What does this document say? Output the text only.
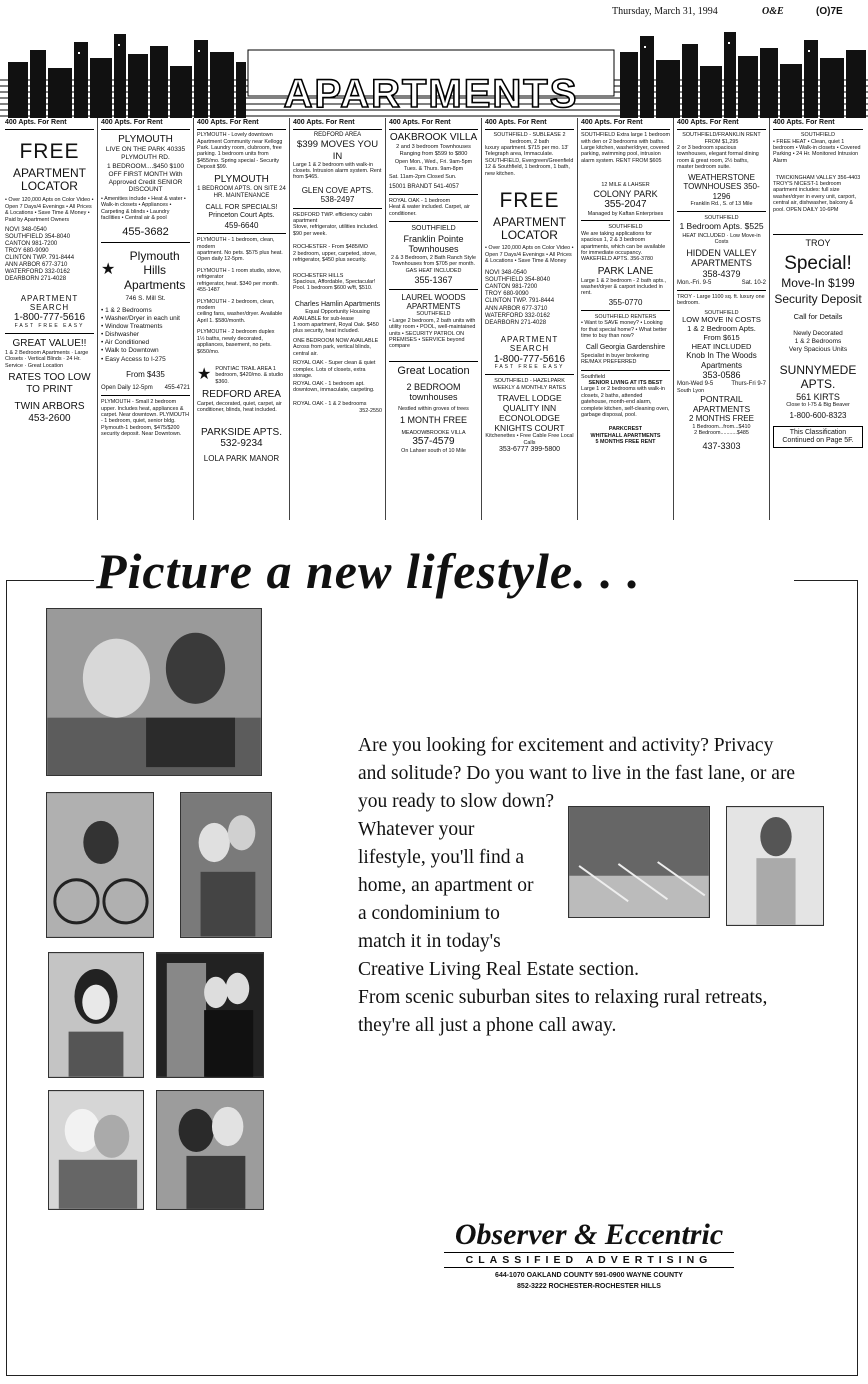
Thursday, March 31, 1994	O&E	(O)7E
APARTMENTS
400 Apts. For Rent
FREE
APARTMENT LOCATOR
• Over 120,000 Apts on Color Video • Open 7 Days/4 Evenings • All Prices & Locations • Save Time & Money • Paid by Apartment Owners
NOVI 348-0540
SOUTHFIELD 354-8040
CANTON 981-7200
TROY 680-9090
CLINTON TWP. 791-8444
ANN ARBOR 677-3710
WATERFORD 332-0162
DEARBORN 271-4028
APARTMENT SEARCH
1-800-777-5616
FAST FREE EASY
GREAT VALUE!!
1 & 2 Bedroom Apartments · Large Closets · Vertical Blinds · 24 Hr. Service · Great Location
RATES TOO LOW TO PRINT
TWIN ARBORS
453-2600
400 Apts. For Rent
PLYMOUTH
LIVE ON THE PARK 40335 PLYMOUTH RD.
1 BEDROOM....$450 $100 OFF FIRST MONTH With Approved Credit SENIOR DISCOUNT
• Amenities include • Heat & water • Walk-in closets • Appliances • Carpeting & blinds • Laundry facilities • Central air & pool
455-3682
★
Plymouth Hills Apartments
746 S. Mill St.
• 1 & 2 Bedrooms
• Washer/Dryer in each unit
• Window Treatments
• Dishwasher
• Air Conditioned
• Walk to Downtown
• Easy Access to I-275
From $435
Open Daily 12-5pm 455-4721
PLYMOUTH - Small 2 bedroom upper. Includes heat, appliances & carpet. Near downtown. PLYMOUTH - 1 bedroom, quiet, senior bldg. Plymouth-1 bedroom, $475/$200 security deposit. Near Downtown.
400 Apts. For Rent
PLYMOUTH - Lovely downtown Apartment Community near Kellogg Park. Laundry room, clubroom, free parking. 1 bedroom units from $455/mo. Spring special - Security Deposit $99.
PLYMOUTH
1 BEDROOM APTS. ON SITE 24 HR. MAINTENANCE
CALL FOR SPECIALS! Princeton Court Apts.
459-6640
PLYMOUTH - 1 bedroom, clean, modern
apartment. No pets. $575 plus heat. Open daily 12-5pm.
PLYMOUTH - 1 room studio, stove, refrigerator
refrigerator, heat. $340 per month. 455-1487
PLYMOUTH - 2 bedroom, clean, modern
ceiling fans, washer/dryer. Available April 1. $580/month.
PLYMOUTH - 2 bedroom duplex
1½ baths, newly decorated, appliances, basement, no pets. $650/mo.
★ PONTIAC TRAIL AREA 1 bedroom, $420/mo. & studio $360.
REDFORD AREA
Carpet, decorated, quiet, carpet, air conditioner, blinds, heat included.
PARKSIDE APTS.
532-9234
LOLA PARK MANOR
400 Apts. For Rent
REDFORD AREA
$399 MOVES YOU IN
Large 1 & 2 bedroom with walk-in closets. Intrusion alarm system. Rent from $465.
GLEN COVE APTS. 538-2497
REDFORD TWP. efficiency cabin apartment
Stove, refrigerator, utilities included. $90 per week.
ROCHESTER - From $485/MO
2 bedroom, upper, carpeted, stove, refrigerator, $450 plus security.
ROCHESTER HILLS
Spacious, Affordable, Spectacular! Pool. 1 bedroom $600 w/ft, $510.
Charles Hamlin Apartments
Equal Opportunity Housing
AVAILABLE for sub-lease
1 room apartment, Royal Oak. $450 plus security, heat included.
ONE BEDROOM NOW AVAILABLE
Across from park, vertical blinds, central air.
ROYAL OAK - Super clean & quiet
complex. Lots of closets, extra storage.
ROYAL OAK - 1 bedroom apt.
downtown, immaculate, carpeting.
ROYAL OAK - 1 & 2 bedrooms
352-2550
400 Apts. For Rent
OAKBROOK VILLA
2 and 3 bedroom Townhouses Ranging from $599 to $800
Open Mon., Wed., Fri. 9am-5pm Tues. & Thurs. 9am-8pm
Sat. 11am-2pm Closed Sun.
15001 BRANDT 541-4057
ROYAL OAK - 1 bedroom
Heat & water included. Carpet, air conditioner.
SOUTHFIELD
Franklin Pointe Townhouses
2 & 3 Bedroom, 2 Bath Ranch Style Townhouses from $705 per month. GAS HEAT INCLUDED
355-1367
LAUREL WOODS APARTMENTS
SOUTHFIELD
• Large 2 bedroom, 2 bath units with utility room • POOL, well-maintained units • SECURITY PATROL ON PREMISES • SERVICE beyond compare
Great Location
2 BEDROOM townhouses
Nestled within groves of trees
1 MONTH FREE
MEADOWBROOKE VILLA
357-4579
On Lahser south of 10 Mile
400 Apts. For Rent
SOUTHFIELD - SUBLEASE 2 bedroom, 2 bath
luxury apartment. $715 per mo. 13' Telegraph area, Immaculate. SOUTHFIELD, Evergreen/Greenfield 12 & Southfield, 1 bedroom, 1 bath, new kitchen.
FREE
APARTMENT LOCATOR
• Over 120,000 Apts on Color Video • Open 7 Days/4 Evenings • All Prices & Locations • Save Time & Money
NOVI 348-0540
SOUTHFIELD 354-8040
CANTON 981-7200
TROY 680-9090
CLINTON TWP. 791-8444
ANN ARBOR 677-3710
WATERFORD 332-0162
DEARBORN 271-4028
APARTMENT SEARCH
1-800-777-5616
FAST FREE EASY
SOUTHFIELD - HAZELPARK
WEEKLY & MONTHLY RATES
TRAVEL LODGE
QUALITY INN
ECONOLODGE
KNIGHTS COURT
Kitchenettes • Free Cable Free Local Calls
353-6777 399-5800
400 Apts. For Rent
SOUTHFIELD Extra large 1 bedroom with den or 2 bedrooms with baths. Large kitchen, washer/dryer, covered parking, swimming pool, intrusion alarm system. RENT FROM $605
12 MILE & LAHSER
COLONY PARK
355-2047
Managed by Kaftan Enterprises
SOUTHFIELD
We are taking applications for spacious 1, 2 & 3 bedroom apartments, which can be available for immediate occupancy. WAKEFIELD APTS. 356-3780
PARK LANE
Large 1 & 2 bedroom - 2 bath apts., washer/dryer & carport included in rent.
355-0770
SOUTHFIELD RENTERS
• Want to SAVE money? • Looking for that special home? • What better time to buy than now?
Call Georgia Gardenshire
Specialist in buyer brokering RE/MAX PREFERRED
Southfield
SENIOR LIVING AT ITS BEST
Large 1 or 2 bedrooms with walk-in closets, 2 baths, attended gatehouse, month-end alarm, complete kitchen, self-cleaning oven, garbage disposal, pool.
PARKCREST
WHITEHALL APARTMENTS
5 MONTHS FREE RENT
400 Apts. For Rent
SOUTHFIELD/FRANKLIN RENT FROM $1,295
2 or 3 bedroom spacious townhouses, elegant formal dining room & great room, 2½ baths, master bedroom suite.
WEATHERSTONE
TOWNHOUSES 350-1296
Franklin Rd., S. of 13 Mile
SOUTHFIELD
1 Bedroom Apts. $525
HEAT INCLUDED · Low Move-in Costs
HIDDEN VALLEY APARTMENTS
358-4379
Mon.-Fri. 9-5	Sat. 10-2
TROY - Large 1100 sq. ft. luxury one bedroom.
SOUTHFIELD
LOW MOVE IN COSTS
1 & 2 Bedroom Apts.
From $615
HEAT INCLUDED
Knob In The Woods Apartments
353-0586
Mon-Wed 9-5	Thurs-Fri 9-7
South Lyon
PONTRAIL APARTMENTS
2 MONTHS FREE
1 Bedroom...from...$410
2 Bedroom...........$485
437-3303
400 Apts. For Rent
SOUTHFIELD
• FREE HEAT • Clean, quiet 1 bedroom • Walk-in closets • Covered Parking • 24 Hr. Monitored Intrusion Alarm
TWICKINGHAM VALLEY 356-4403
TROY'S NICEST-1 bedroom apartment includes: full size washer/dryer in every unit, carport, central air, dishwasher, balcony & pool. OPEN DAILY 10-6PM
TROY
Special!
Move-In $199 Security Deposit
Call for Details
Newly Decorated
1 & 2 Bedrooms
Very Spacious Units
SUNNYMEDE APTS.
561 KIRTS
Close to I-75 & Big Beaver
1-800-600-8323
This Classification Continued on Page 5F.
Picture a new lifestyle. . .
Are you looking for excitement and activity? Privacy and solitude? Do you want to live in the fast lane, or are you ready to slow down?
Whatever your
lifestyle, you'll find a
home, an apartment or
a condominium to
match it in today's
Creative Living Real Estate section.
From scenic suburban sites to relaxing rural retreats,
they're all just a phone call away.
Observer & Eccentric
CLASSIFIED ADVERTISING
644-1070 OAKLAND COUNTY 591-0900 WAYNE COUNTY
852-3222 ROCHESTER-ROCHESTER HILLS
